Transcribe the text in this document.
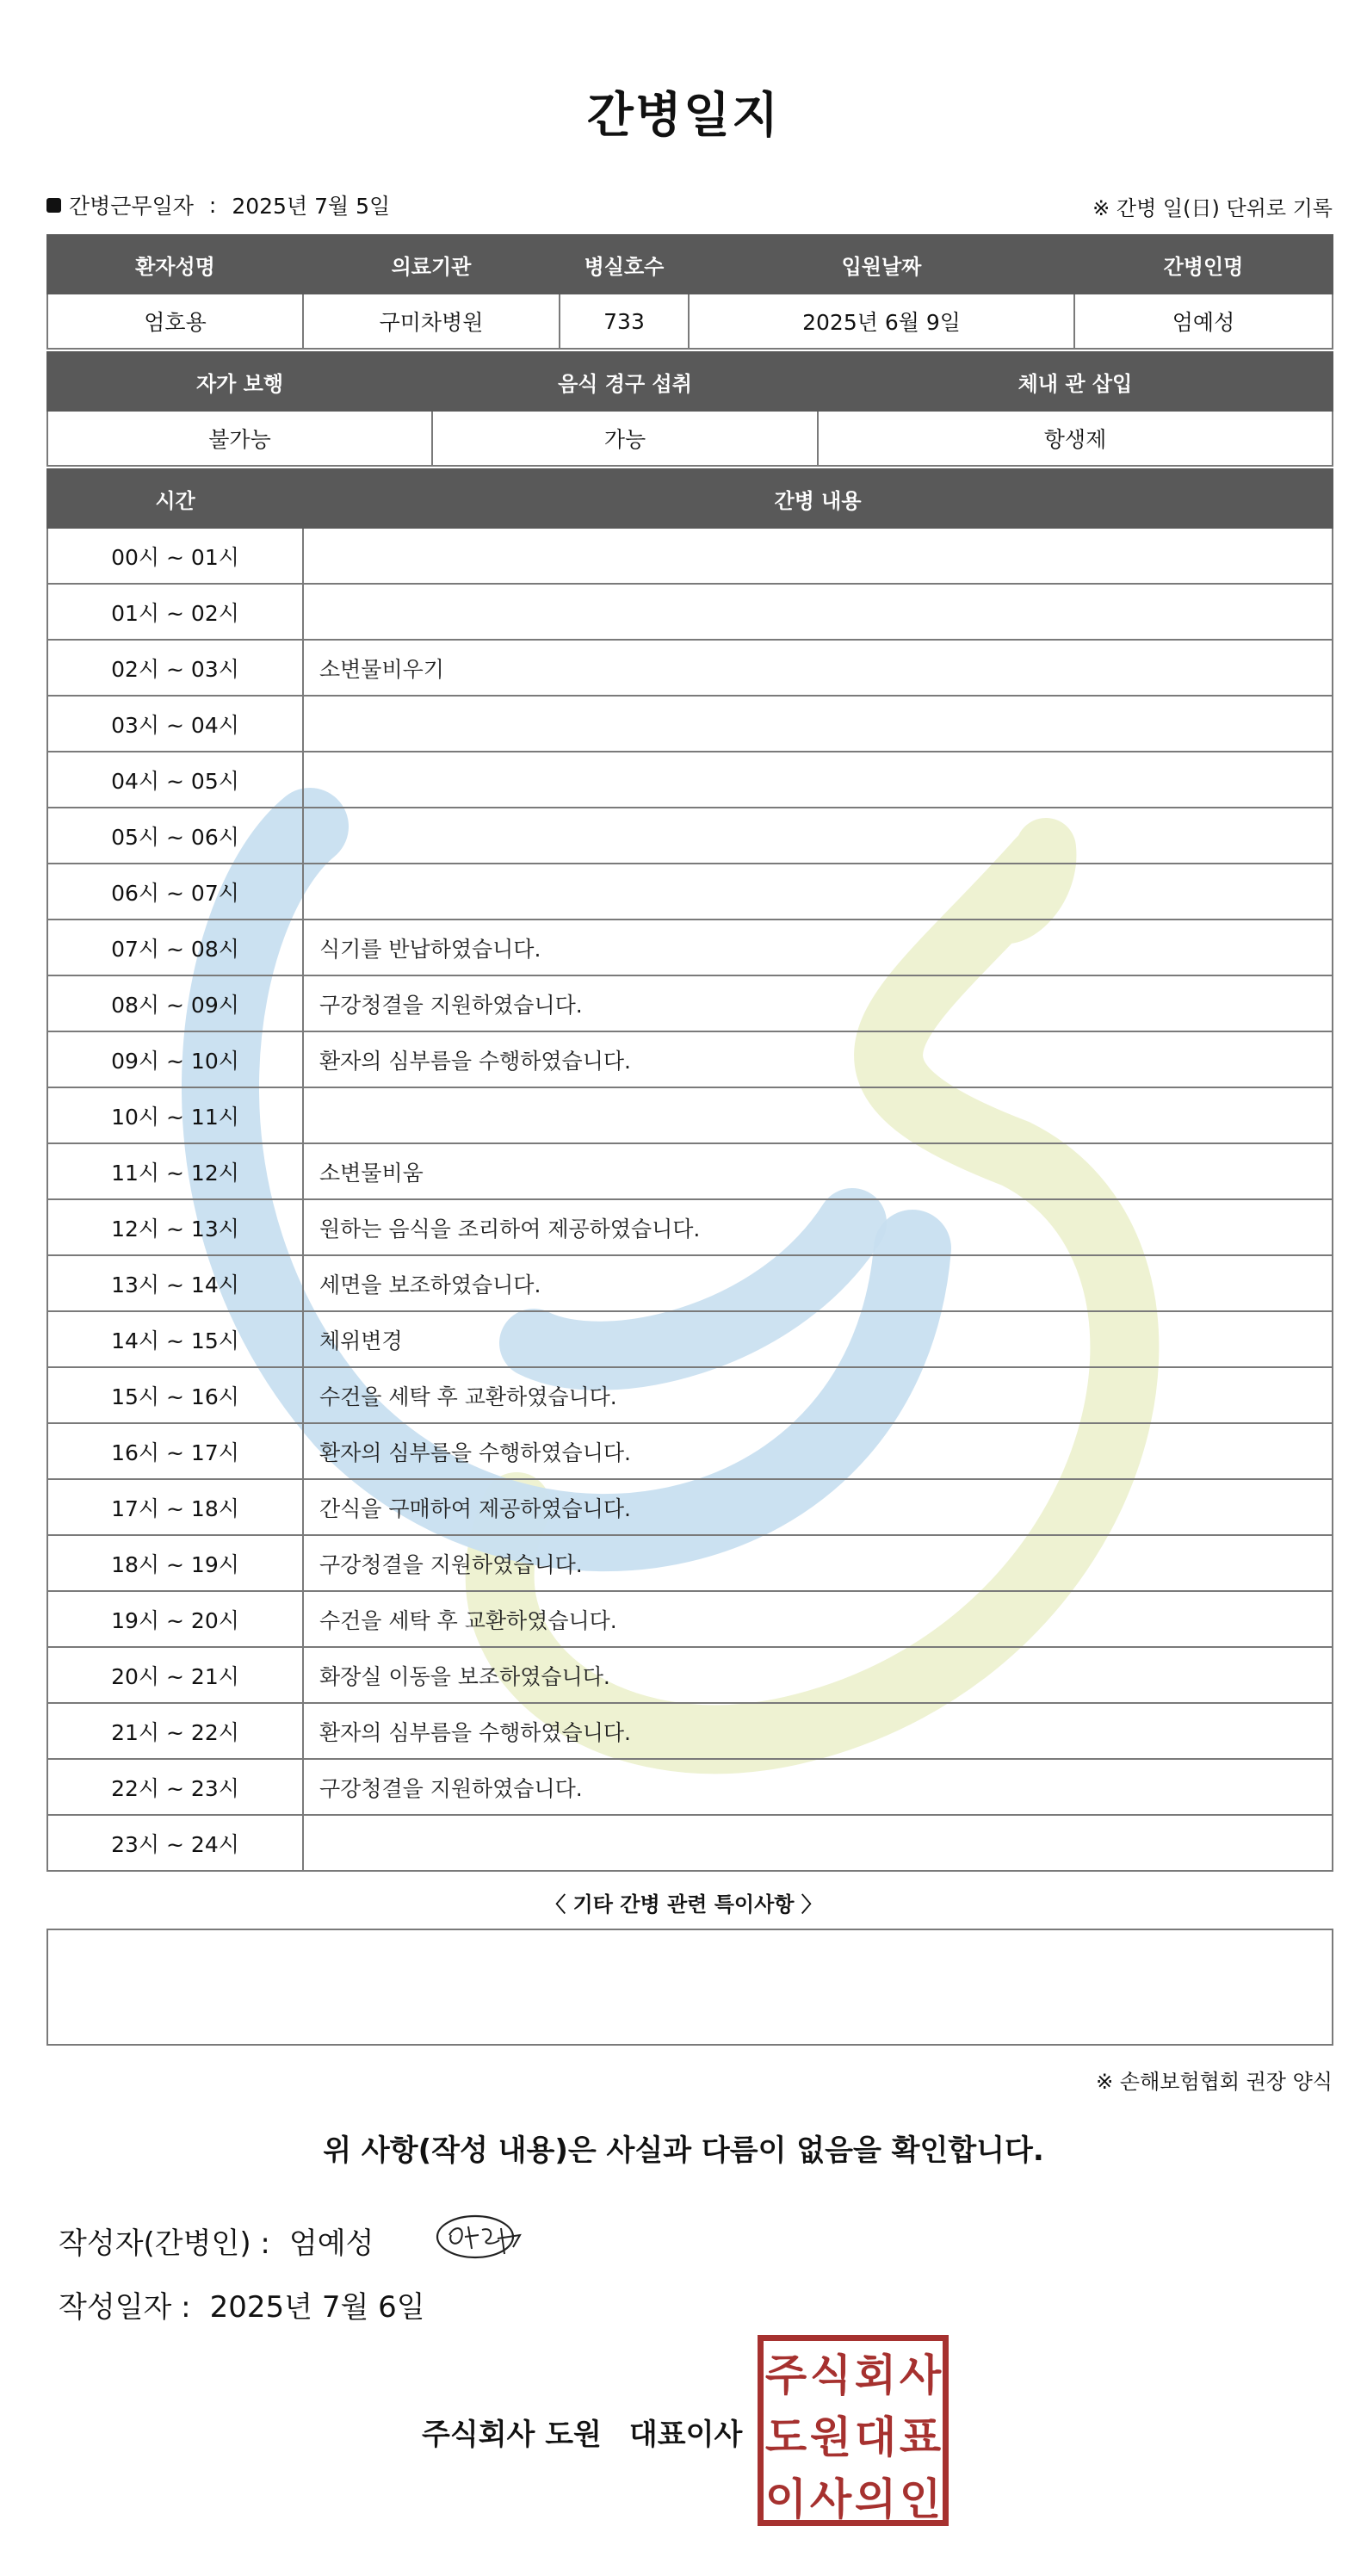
간병일지
간병근무일자 : 2025년 7월 5일	※ 간병 일(日) 단위로 기록
환자성명	의료기관	병실호수	입원날짜	간병인명
엄호용	구미차병원	733	2025년 6월 9일	엄예성
자가 보행	음식 경구 섭취	체내 관 삽입
불가능	가능	항생제
시간	간병 내용
00시 ~ 01시	
01시 ~ 02시	
02시 ~ 03시	소변물비우기
03시 ~ 04시	
04시 ~ 05시	
05시 ~ 06시	
06시 ~ 07시	
07시 ~ 08시	식기를 반납하였습니다.
08시 ~ 09시	구강청결을 지원하였습니다.
09시 ~ 10시	환자의 심부름을 수행하였습니다.
10시 ~ 11시	
11시 ~ 12시	소변물비움
12시 ~ 13시	원하는 음식을 조리하여 제공하였습니다.
13시 ~ 14시	세면을 보조하였습니다.
14시 ~ 15시	체위변경
15시 ~ 16시	수건을 세탁 후 교환하였습니다.
16시 ~ 17시	환자의 심부름을 수행하였습니다.
17시 ~ 18시	간식을 구매하여 제공하였습니다.
18시 ~ 19시	구강청결을 지원하였습니다.
19시 ~ 20시	수건을 세탁 후 교환하였습니다.
20시 ~ 21시	화장실 이동을 보조하였습니다.
21시 ~ 22시	환자의 심부름을 수행하였습니다.
22시 ~ 23시	구강청결을 지원하였습니다.
23시 ~ 24시	
〈 기타 간병 관련 특이사항 〉
※ 손해보험협회 권장 양식
위 사항(작성 내용)은 사실과 다름이 없음을 확인합니다.
작성자(간병인) : 엄예성
작성일자 : 2025년 7월 6일
주식회사 도원 대표이사
주 식 회 사
도 원 대 표
이 사 의 인
